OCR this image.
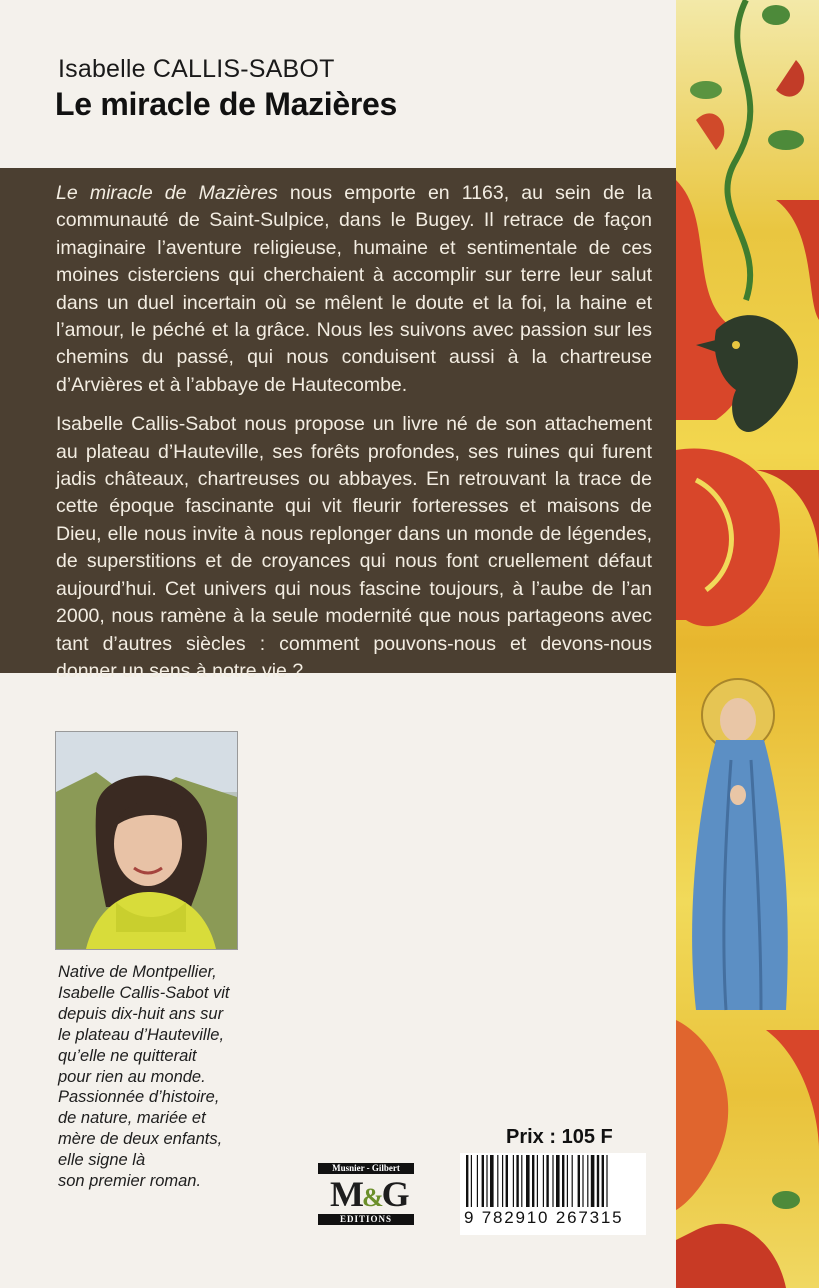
Isabelle CALLIS-SABOT
Le miracle de Mazières

Le miracle de Mazières nous emporte en 1163, au sein de la communauté de Saint-Sulpice, dans le Bugey. Il retrace de façon imaginaire l’aventure religieuse, humaine et sentimentale de ces moines cisterciens qui cherchaient à accomplir sur terre leur salut dans un duel incertain où se mêlent le doute et la foi, la haine et l’amour, le péché et la grâce. Nous les suivons avec passion sur les chemins du passé, qui nous conduisent aussi à la chartreuse d’Arvières et à l’abbaye de Hautecombe.

Isabelle Callis-Sabot nous propose un livre né de son attachement au plateau d’Hauteville, ses forêts profondes, ses ruines qui furent jadis châteaux, chartreuses ou abbayes. En retrouvant la trace de cette époque fascinante qui vit fleurir forteresses et maisons de Dieu, elle nous invite à nous replonger dans un monde de légendes, de superstitions et de croyances qui nous font cruellement défaut aujourd’hui. Cet univers qui nous fascine toujours, à l’aube de l’an 2000, nous ramène à la seule modernité que nous partageons avec tant d’autres siècles : comment pouvons-nous et devons-nous donner un sens à notre vie ?

Native de Montpellier,
Isabelle Callis-Sabot vit
depuis dix-huit ans sur
le plateau d’Hauteville,
qu’elle ne quitterait
pour rien au monde.
Passionnée d’histoire,
de nature, mariée et
mère de deux enfants,
elle signe là
son premier roman.
Prix : 105 F
Musnier - Gilbert
M&G
EDITIONS	9 782910 267315
